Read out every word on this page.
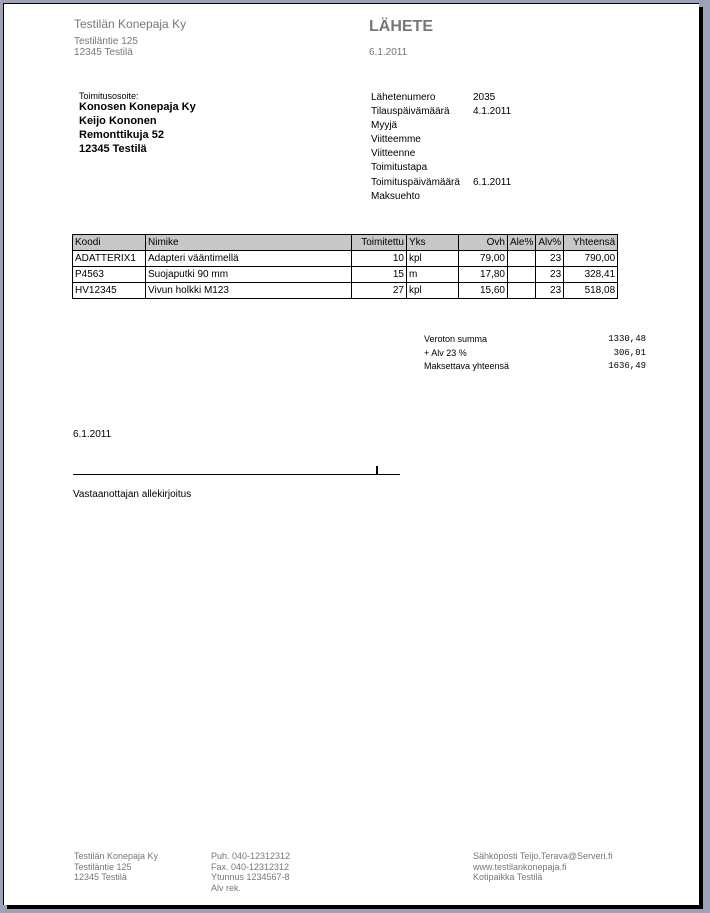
Testilän Konepaja Ky
Testiläntie 125
12345 Testilä
LÄHETE
6.1.2011
Toimitusosoite:
Konosen Konepaja Ky
Keijo Kononen
Remonttikuja 52
12345 Testilä
Lähetenumero	2035
Tilauspäivämäärä 4.1.2011
Myyjä
Viitteemme
Viitteenne
Toimitustapa
Toimituspäivämäärä 6.1.2011
Maksuehto
Koodi	Nimike	Toimitettu	Yks	Ovh	Ale%	Alv%	Yhteensä
ADATTERIX1	Adapteri vääntimellä	10	kpl	79,00		23	790,00
P4563	Suojaputki 90 mm	15	m	17,80		23	328,41
HV12345	Vivun holkki M123	27	kpl	15,60		23	518,08
Veroton summa	1330,48
+ Alv 23 %	306,01
Maksettava yhteensä	1636,49
6.1.2011
Vastaanottajan allekirjoitus
Testilän Konepaja Ky
Testiläntie 125
12345 Testilä
Puh. 040-12312312
Fax. 040-12312312
Ytunnus 1234567-8
Alv rek.
Sähköposti Teijo.Terava@Serveri.fi
www.testilankonepaja.fi
Kotipaikka Testilä
